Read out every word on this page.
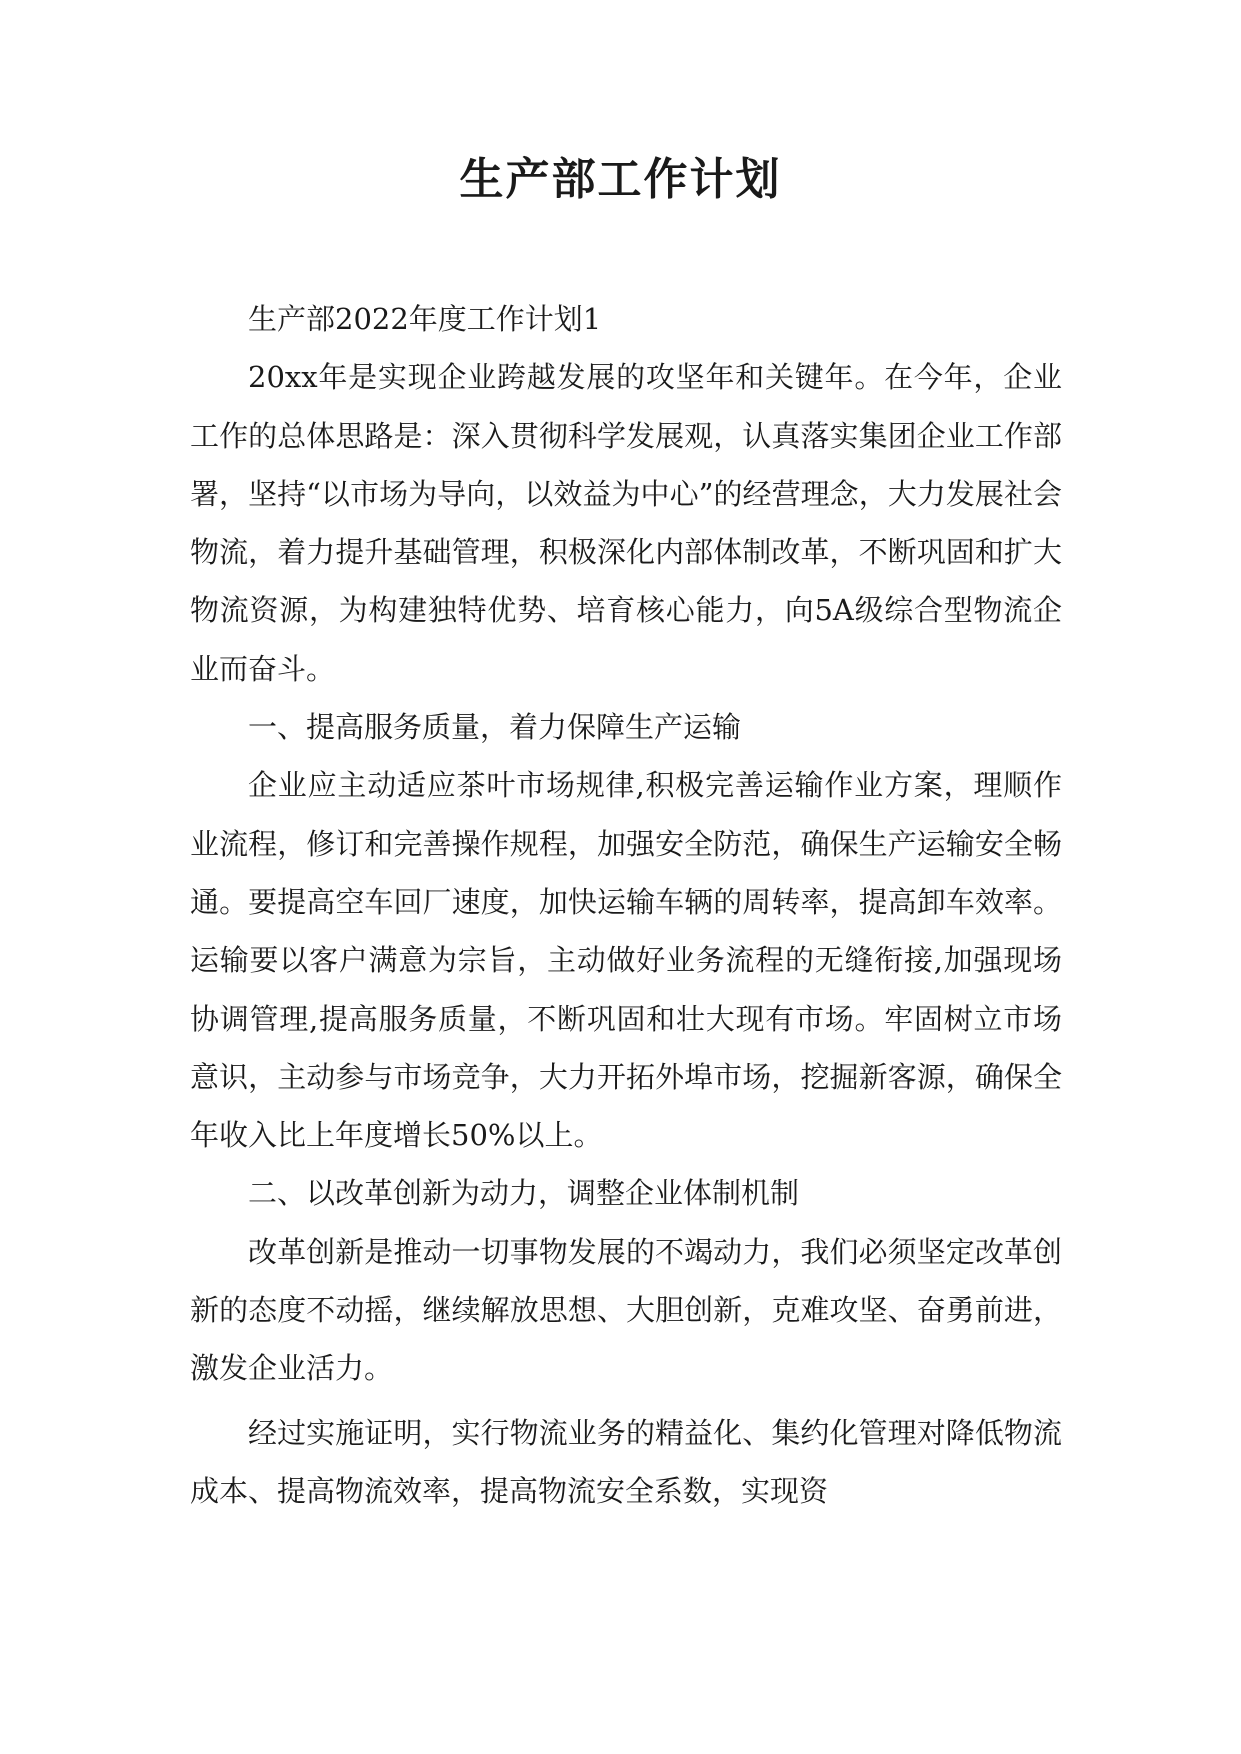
生产部工作计划

生产部2022年度工作计划1

20xx年是实现企业跨越发展的攻坚年和关键年。在今年，企业工作的总体思路是：深入贯彻科学发展观，认真落实集团企业工作部署，坚持“以市场为导向，以效益为中心”的经营理念，大力发展社会物流，着力提升基础管理，积极深化内部体制改革，不断巩固和扩大物流资源，为构建独特优势、培育核心能力，向5A级综合型物流企业而奋斗。

一、提高服务质量，着力保障生产运输

企业应主动适应茶叶市场规律,积极完善运输作业方案，理顺作业流程，修订和完善操作规程，加强安全防范，确保生产运输安全畅通。要提高空车回厂速度，加快运输车辆的周转率，提高卸车效率。运输要以客户满意为宗旨，主动做好业务流程的无缝衔接,加强现场协调管理,提高服务质量，不断巩固和壮大现有市场。牢固树立市场意识，主动参与市场竞争，大力开拓外埠市场，挖掘新客源，确保全年收入比上年度增长50%以上。

二、以改革创新为动力，调整企业体制机制

改革创新是推动一切事物发展的不竭动力，我们必须坚定改革创新的态度不动摇，继续解放思想、大胆创新，克难攻坚、奋勇前进，激发企业活力。

经过实施证明，实行物流业务的精益化、集约化管理对降低物流成本、提高物流效率，提高物流安全系数，实现资
